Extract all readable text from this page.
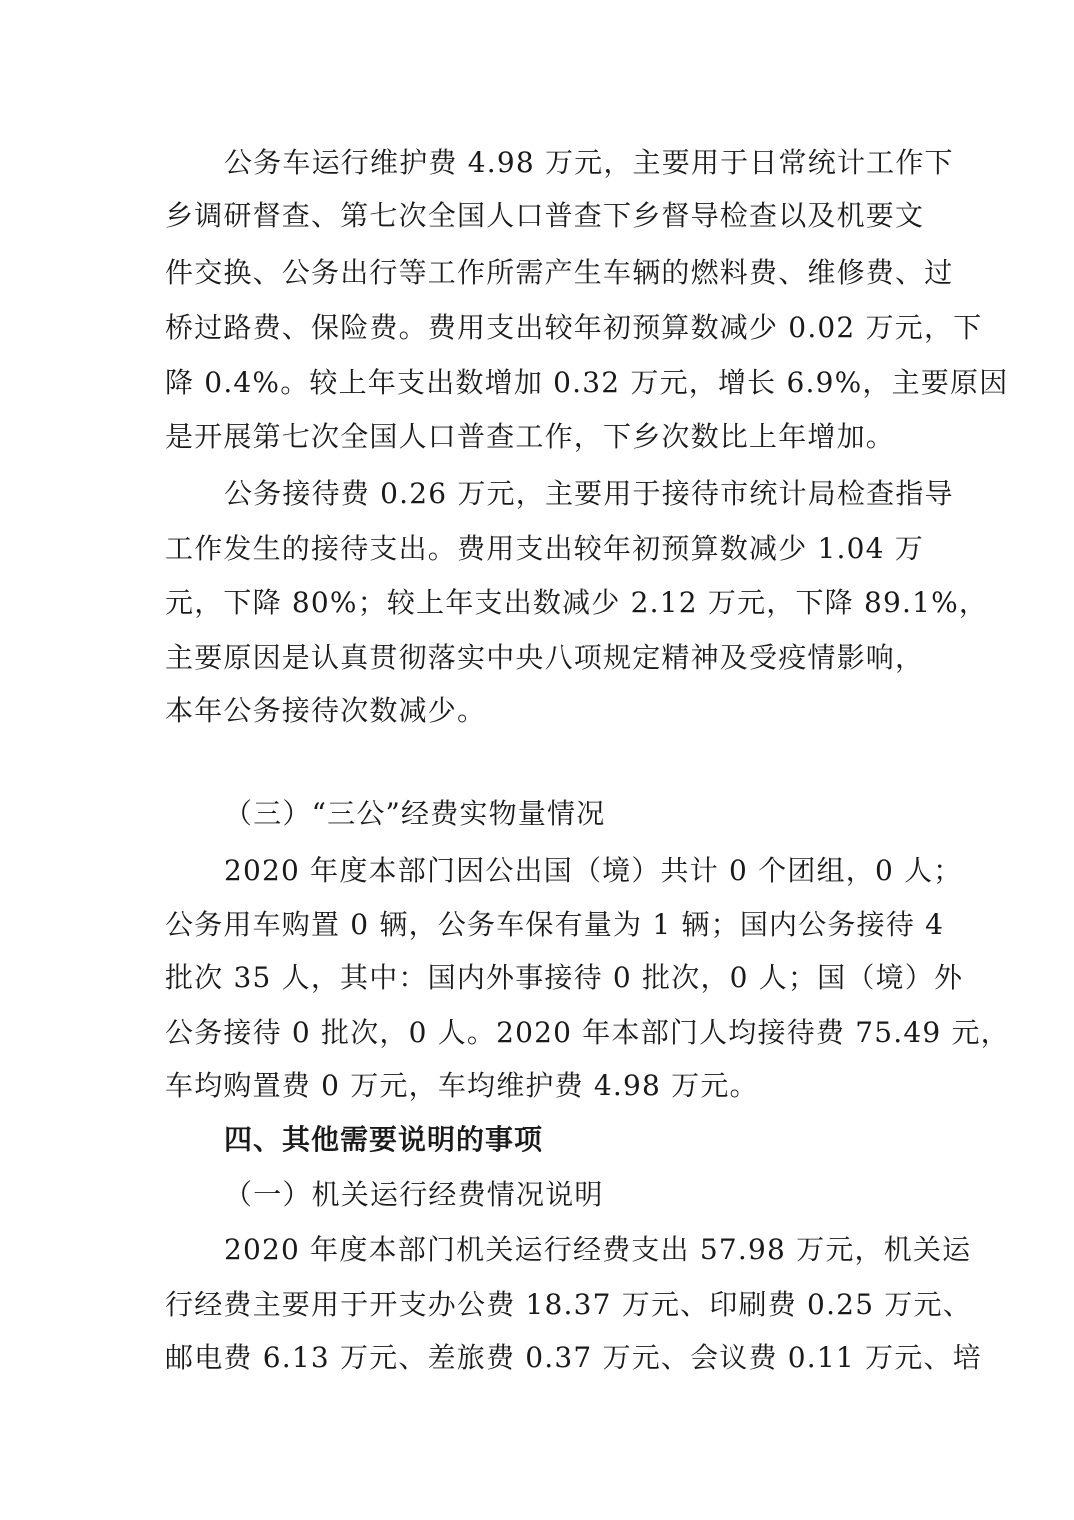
公务车运行维护费 4.98 万元，主要用于日常统计工作下
乡调研督查、第七次全国人口普查下乡督导检查以及机要文
件交换、公务出行等工作所需产生车辆的燃料费、维修费、过
桥过路费、保险费。费用支出较年初预算数减少 0.02 万元，下
降 0.4%。较上年支出数增加 0.32 万元，增长 6.9%，主要原因
是开展第七次全国人口普查工作，下乡次数比上年增加。
公务接待费 0.26 万元，主要用于接待市统计局检查指导
工作发生的接待支出。费用支出较年初预算数减少 1.04 万
元，下降 80%；较上年支出数减少 2.12 万元，下降 89.1%，
主要原因是认真贯彻落实中央八项规定精神及受疫情影响，
本年公务接待次数减少。
（三）“三公”经费实物量情况
2020 年度本部门因公出国（境）共计 0 个团组，0 人；
公务用车购置 0 辆，公务车保有量为 1 辆；国内公务接待 4
批次 35 人，其中：国内外事接待 0 批次，0 人；国（境）外
公务接待 0 批次，0 人。2020 年本部门人均接待费 75.49 元，
车均购置费 0 万元，车均维护费 4.98 万元。
四、其他需要说明的事项
（一）机关运行经费情况说明
2020 年度本部门机关运行经费支出 57.98 万元，机关运
行经费主要用于开支办公费 18.37 万元、印刷费 0.25 万元、
邮电费 6.13 万元、差旅费 0.37 万元、会议费 0.11 万元、培
